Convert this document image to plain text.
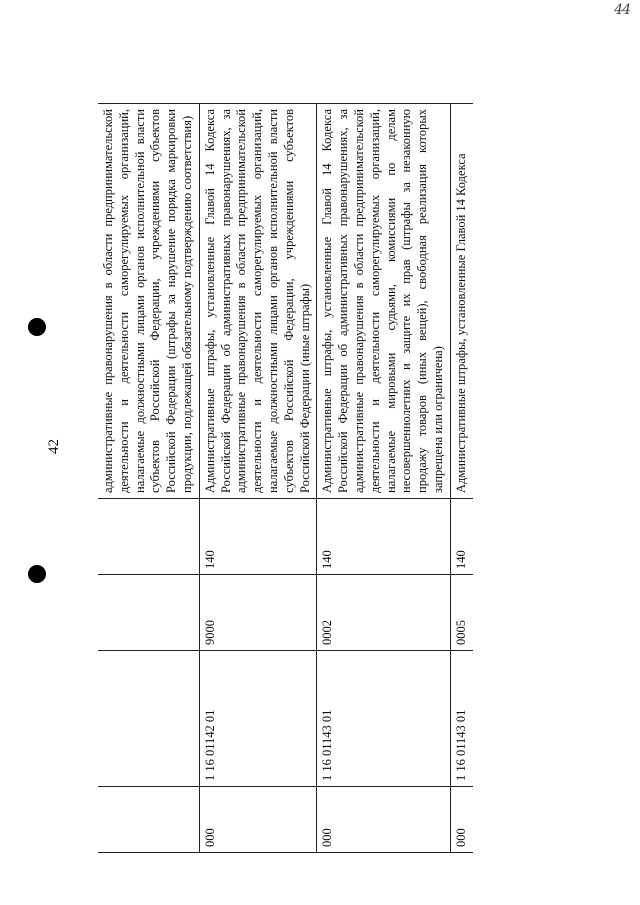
44
42
					административные правонарушения в области предпринимательской деятельности и деятельности саморегулируемых организаций, налагаемые должностными лицами органов исполнительной власти субъектов Российской Федерации, учреждениями субъектов Российской Федерации (штрафы за нарушение порядка маркировки продукции, подлежащей обязательному подтверждению соответствия)
000	1 16 01142 01	9000	140	Административные штрафы, установленные Главой 14 Кодекса Российской Федерации об административных правонарушениях, за административные правонарушения в области предпринимательской деятельности и деятельности саморегулируемых организаций, налагаемые должностными лицами органов исполнительной власти субъектов Российской Федерации, учреждениями субъектов Российской Федерации (иные штрафы)
000	1 16 01143 01	0002	140	Административные штрафы, установленные Главой 14 Кодекса Российской Федерации об административных правонарушениях, за административные правонарушения в области предпринимательской деятельности и деятельности саморегулируемых организаций, налагаемые мировыми судьями, комиссиями по делам несовершеннолетних и защите их прав (штрафы за незаконную продажу товаров (иных вещей), свободная реализация которых запрещена или ограничена)
000	1 16 01143 01	0005	140	Административные штрафы, установленные Главой 14 Кодекса
